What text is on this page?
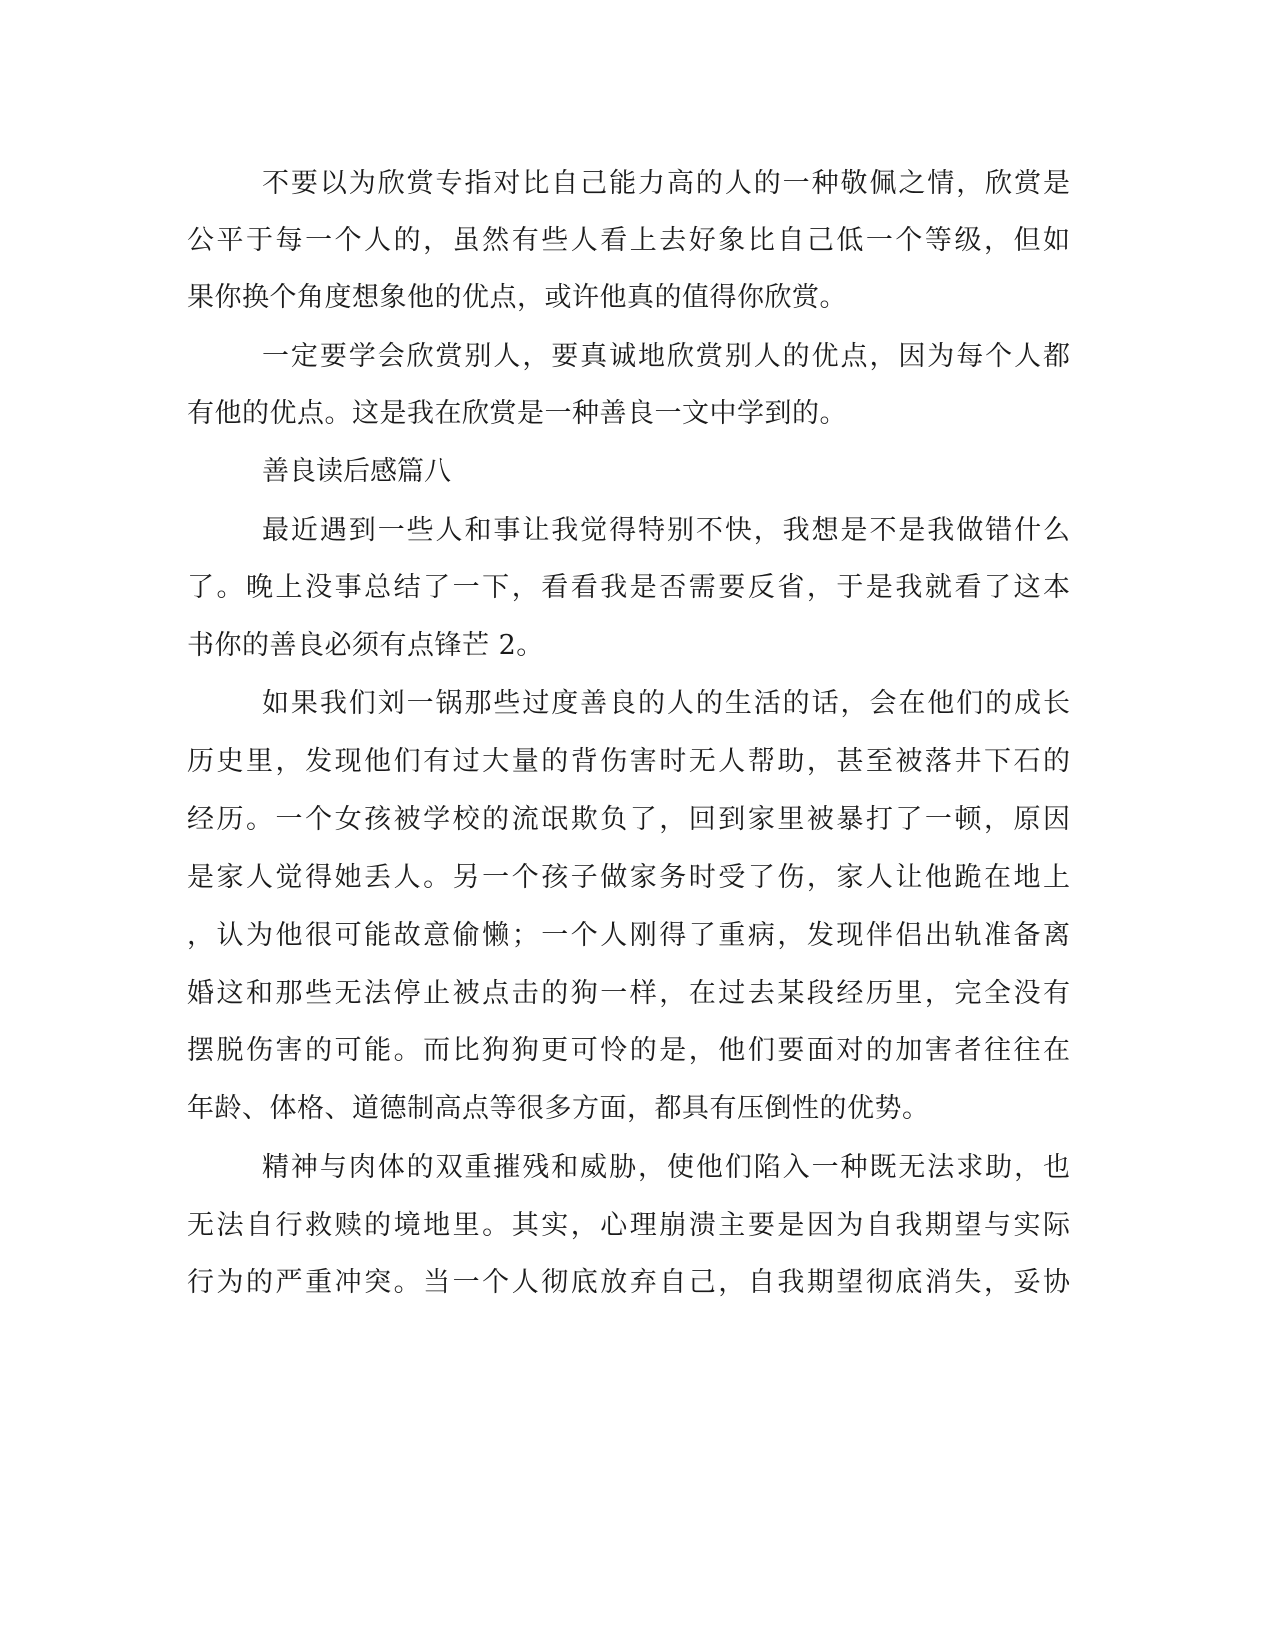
不要以为欣赏专指对比自己能力高的人的一种敬佩之情，欣赏是
公平于每一个人的，虽然有些人看上去好象比自己低一个等级，但如
果你换个角度想象他的优点，或许他真的值得你欣赏。
一定要学会欣赏别人，要真诚地欣赏别人的优点，因为每个人都
有他的优点。这是我在欣赏是一种善良一文中学到的。
善良读后感篇八
最近遇到一些人和事让我觉得特别不快，我想是不是我做错什么
了。晚上没事总结了一下，看看我是否需要反省，于是我就看了这本
书你的善良必须有点锋芒 2。
如果我们刘一锅那些过度善良的人的生活的话，会在他们的成长
历史里，发现他们有过大量的背伤害时无人帮助，甚至被落井下石的
经历。一个女孩被学校的流氓欺负了，回到家里被暴打了一顿，原因
是家人觉得她丢人。另一个孩子做家务时受了伤，家人让他跪在地上
，认为他很可能故意偷懒；一个人刚得了重病，发现伴侣出轨准备离
婚这和那些无法停止被点击的狗一样，在过去某段经历里，完全没有
摆脱伤害的可能。而比狗狗更可怜的是，他们要面对的加害者往往在
年龄、体格、道德制高点等很多方面，都具有压倒性的优势。
精神与肉体的双重摧残和威胁，使他们陷入一种既无法求助，也
无法自行救赎的境地里。其实，心理崩溃主要是因为自我期望与实际
行为的严重冲突。当一个人彻底放弃自己，自我期望彻底消失，妥协
